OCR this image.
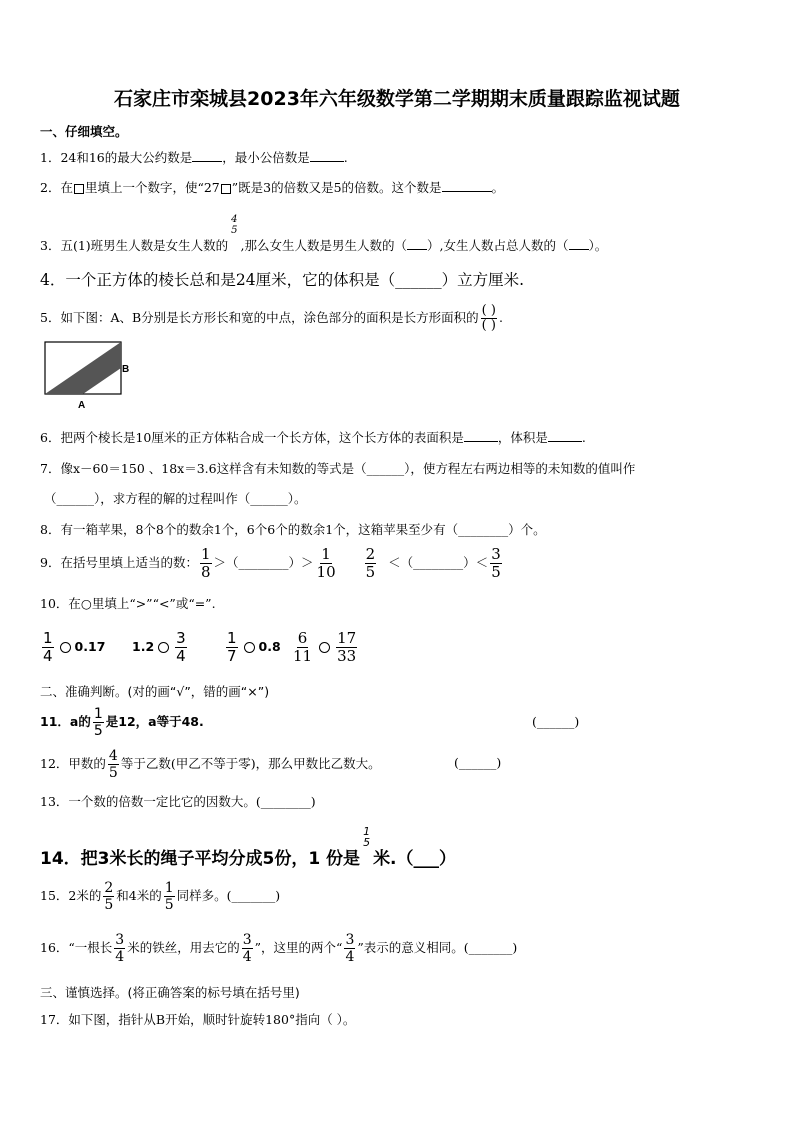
石家庄市栾城县2023年六年级数学第二学期期末质量跟踪监视试题
一、仔细填空。
1．24和16的最大公约数是 ，最小公倍数是	.
2．在 里填上一个数字，使“27 ”既是3的倍数又是5的倍数。这个数是	。
3．五(1)班男生人数是女生人数的
4
5
,那么女生人数是男生人数的（ ）,女生人数占总人数的（ ）。
4．一个正方体的棱长总和是24厘米，它的体积是（______）立方厘米.
5．如下图：A、B分别是长方形长和宽的中点，涂色部分的面积是长方形面积的 $\frac{( )}{( )}$ .
B
A
6．把两个棱长是10厘米的正方体粘合成一个长方体，这个长方体的表面积是	，体积是	.
7．像x－60＝150 、18x＝3.6这样含有未知数的等式是（______），使方程左右两边相等的未知数的值叫作
（______），求方程的解的过程叫作（______）。
8．有一箱苹果，8个8个的数余1个，6个6个的数余1个，这箱苹果至少有（________）个。
9．在括号里填上适当的数： $\frac{1}{8}$ ＞（________）＞ $\frac{1}{10} \frac{2}{5}$ ＜（________）＜ $\frac{3}{5}$
10．在○里填上“>”“<”或“=”.
$\frac{1}{4} 0.17$ $1.2 \frac{3}{4}$	$\frac{1}{7} 0.8 \frac{6}{11} \frac{17}{33}$
二、准确判断。(对的画“√”，错的画“×”)
11．a的 $\frac{1}{5}$ 是12，a等于48.	(______)
12．甲数的 $\frac{4}{5}$ 等于乙数(甲乙不等于零)，那么甲数比乙数大。	(______)
13．一个数的倍数一定比它的因数大。(________)
14．把3米长的绳子平均分成5份，1 份是
1
5
米.（___）
15．2米的 $\frac{2}{5}$ 和4米的 $\frac{1}{5}$ 同样多。(_______)
16．“一根长 $\frac{3}{4}$ 米的铁丝，用去它的 $\frac{3}{4}$ ”，这里的两个“ $\frac{3}{4}$ ”表示的意义相同。(_______)
三、谨慎选择。(将正确答案的标号填在括号里)
17．如下图，指针从B开始，顺时针旋转180°指向（ ）。
